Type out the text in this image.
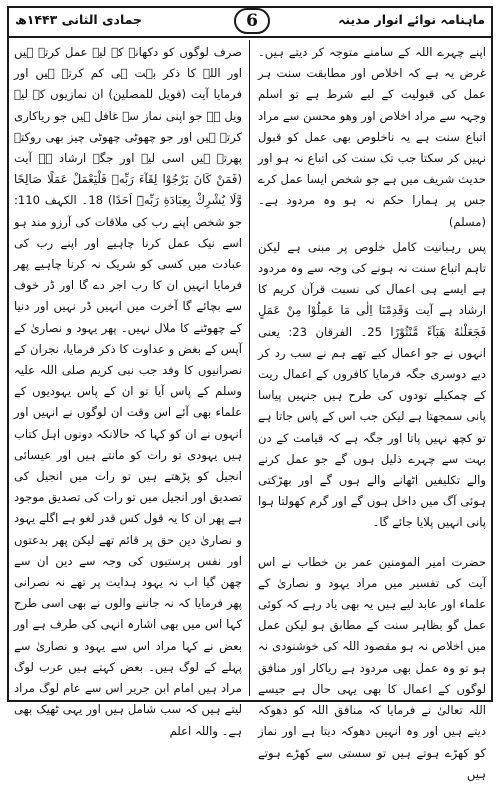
ماہنامہ نوائے انوار مدینہ
6
جمادی الثانی ۱۴۴۳ھ

اپنے چہرے اللہ کے سامنے متوجہ کر دیتے ہیں۔ غرض یہ ہے کہ اخلاص اور مطابقت سنت ہر عمل کی قبولیت کے لیے شرط ہے تو اسلم وجہہ سے مراد اخلاص اور وھو محسن سے مراد اتباع سنت ہے یہ ناخلوص بھی عمل کو قبول نہیں کر سکتا جب تک سنت کی اتباع نہ ہو اور حدیث شریف میں ہے جو شخص ایسا عمل کرے جس پر ہمارا حکم نہ ہو وہ مردود ہے۔ (مسلم)

پس رہبانیت کامل خلوص پر مبنی ہے لیکن تاہم اتباع سنت نہ ہونے کی وجہ سے وہ مردود ہے ایسے ہی اعمال کی نسبت قرآن کریم کا ارشاد ہے آیت وَقَدِمْنَا اِلٰی مَا عَمِلُوْا مِنْ عَمَلٍ فَجَعَلْنٰهُ هَبَآءً مَّنْثُوْرًا 25۔ الفرقان 23: یعنی انہوں نے جو اعمال کیے تھے ہم نے سب رد کر دیے دوسری جگہ فرمایا کافروں کے اعمال ریت کے چمکیلے تودوں کی طرح ہیں جنہیں پیاسا پانی سمجھتا ہے لیکن جب اس کے پاس جاتا ہے تو کچھ نہیں پاتا اور جگہ ہے کہ قیامت کے دن بہت سے چہرے ذلیل ہوں گے جو عمل کرنے والے تکلیفیں اٹھانے والے ہوں گے اور بھڑکتی ہوئی آگ میں داخل ہوں گے اور گرم کھولتا ہوا پانی انہیں پلایا جائے گا۔

حضرت امیر المومنین عمر بن خطاب نے اس آیت کی تفسیر میں مراد یہود و نصاریٰ کے علماء اور عابد لیے ہیں یہ بھی یاد رہے کہ کوئی عمل گو بظاہر سنت کے مطابق ہو لیکن عمل میں اخلاص نہ ہو مقصود اللہ کی خوشنودی نہ ہو تو وہ عمل بھی مردود ہے ریاکار اور منافق لوگوں کے اعمال کا بھی یہی حال ہے جیسے اللہ تعالیٰ نے فرمایا کہ منافق اللہ کو دھوکہ دیتے ہیں اور وہ انہیں دھوکہ دیتا ہے اور نماز کو کھڑے ہوتے ہیں تو سستی سے کھڑے ہوتے ہیں

صرف لوگوں کو دکھانے کے لیے عمل کرتے ہیں اور اللہ کا ذکر بہت ہی کم کرتے ہیں اور فرمایا آیت (فویل للمصلین) ان نمازیوں کے لیے ویل ہے جو اپنی نماز سے غافل ہیں جو ریاکاری کرتے ہیں اور جو چھوٹی چھوٹی چیز بھی روکتے پھرتے ہیں اسی لیے اور جگہ ارشاد ہے آیت (فَمَنْ كَانَ يَرْجُوْا لِقَآءَ رَبِّهٖ فَلْيَعْمَلْ عَمَلًا صَالِحًا وَّلَا يُشْرِكْ بِعِبَادَةِ رَبِّهٖٓ اَحَدًا) 18۔ الکہف 110: جو شخص اپنے رب کی ملاقات کی آرزو مند ہو اسے نیک عمل کرنا چاہیے اور اپنے رب کی عبادت میں کسی کو شریک نہ کرنا چاہیے پھر فرمایا انہیں ان کا رب اجر دے گا اور ڈر خوف سے بچائے گا آخرت میں انہیں ڈر نہیں اور دنیا کے چھوٹنے کا ملال نہیں۔ پھر یہود و نصاریٰ کے آپس کے بغض و عداوت کا ذکر فرمایا، نجران کے نصرانیوں کا وفد جب نبی کریم صلی اللہ علیہ وسلم کے پاس آیا تو ان کے پاس یہودیوں کے علماء بھی آئے اس وقت ان لوگوں نے انہیں اور انہوں نے ان کو کہا کہ حالانکہ دونوں اہل کتاب ہیں یہودی تو رات کو مانتے ہیں اور عیسائی انجیل کو پڑھتے ہیں تو رات میں انجیل کی تصدیق اور انجیل میں تو رات کی تصدیق موجود ہے پھر ان کا یہ قول کس قدر لغو ہے اگلے یہود و نصاریٰ دین حق پر قائم تھے لیکن پھر بدعتوں اور نفس پرستیوں کی وجہ سے دین ان سے چھن گیا اب نہ یہود ہدایت پر تھے نہ نصرانی پھر فرمایا کہ نہ جاننے والوں نے بھی اسی طرح کہا اس میں بھی اشارہ انہی کی طرف ہے اور بعض نے کہا مراد اس سے یہود و نصاریٰ سے پہلے کے لوگ ہیں۔ بعض کہتے ہیں عرب لوگ مراد ہیں امام ابن جریر اس سے عام لوگ مراد لیتے ہیں کہ سب شامل ہیں اور یہی ٹھیک بھی ہے۔ واللہ اعلم
